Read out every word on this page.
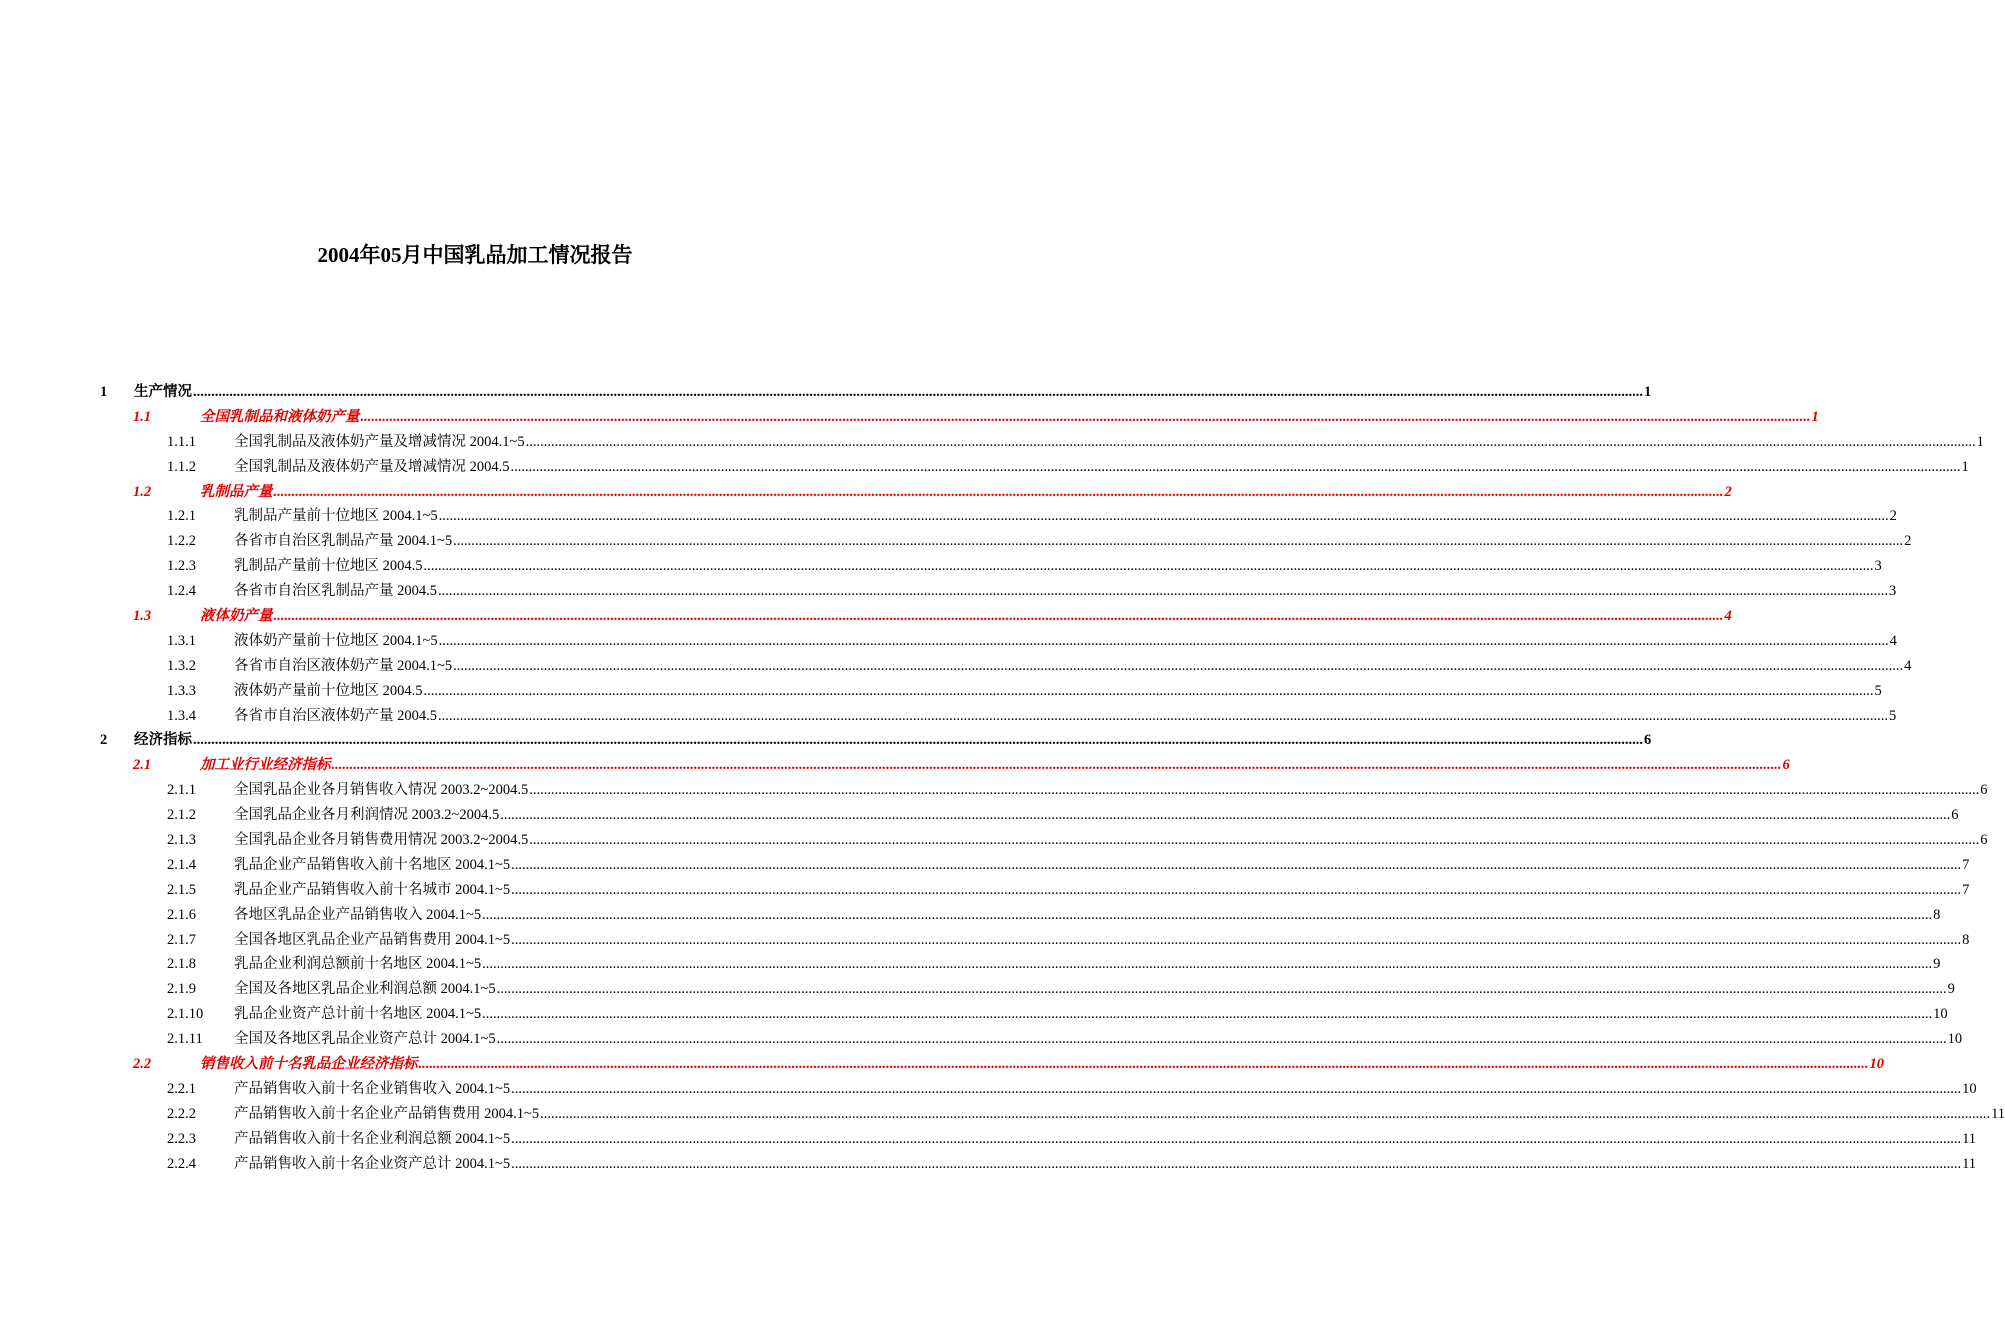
2004年05月中国乳品加工情况报告
1	生产情况 ................................................................................................................................................................................................................................................................................................................................................................................................................ 1
1.1	全国乳制品和液体奶产量 ................................................................................................................................................................................................................................................................................................................................................................................................................ 1
1.1.1	全国乳制品及液体奶产量及增减情况 2004.1~5 ................................................................................................................................................................................................................................................................................................................................................................................................................ 1
1.1.2	全国乳制品及液体奶产量及增减情况 2004.5 ................................................................................................................................................................................................................................................................................................................................................................................................................ 1
1.2	乳制品产量 ................................................................................................................................................................................................................................................................................................................................................................................................................ 2
1.2.1	乳制品产量前十位地区 2004.1~5 ................................................................................................................................................................................................................................................................................................................................................................................................................ 2
1.2.2	各省市自治区乳制品产量 2004.1~5 ................................................................................................................................................................................................................................................................................................................................................................................................................ 2
1.2.3	乳制品产量前十位地区 2004.5 ................................................................................................................................................................................................................................................................................................................................................................................................................ 3
1.2.4	各省市自治区乳制品产量 2004.5 ................................................................................................................................................................................................................................................................................................................................................................................................................ 3
1.3	液体奶产量 ................................................................................................................................................................................................................................................................................................................................................................................................................ 4
1.3.1	液体奶产量前十位地区 2004.1~5 ................................................................................................................................................................................................................................................................................................................................................................................................................ 4
1.3.2	各省市自治区液体奶产量 2004.1~5 ................................................................................................................................................................................................................................................................................................................................................................................................................ 4
1.3.3	液体奶产量前十位地区 2004.5 ................................................................................................................................................................................................................................................................................................................................................................................................................ 5
1.3.4	各省市自治区液体奶产量 2004.5 ................................................................................................................................................................................................................................................................................................................................................................................................................ 5
2	经济指标 ................................................................................................................................................................................................................................................................................................................................................................................................................ 6
2.1	加工业行业经济指标 ................................................................................................................................................................................................................................................................................................................................................................................................................ 6
2.1.1	全国乳品企业各月销售收入情况 2003.2~2004.5 ................................................................................................................................................................................................................................................................................................................................................................................................................ 6
2.1.2	全国乳品企业各月利润情况 2003.2~2004.5 ................................................................................................................................................................................................................................................................................................................................................................................................................ 6
2.1.3	全国乳品企业各月销售费用情况 2003.2~2004.5 ................................................................................................................................................................................................................................................................................................................................................................................................................ 6
2.1.4	乳品企业产品销售收入前十名地区 2004.1~5 ................................................................................................................................................................................................................................................................................................................................................................................................................ 7
2.1.5	乳品企业产品销售收入前十名城市 2004.1~5 ................................................................................................................................................................................................................................................................................................................................................................................................................ 7
2.1.6	各地区乳品企业产品销售收入 2004.1~5 ................................................................................................................................................................................................................................................................................................................................................................................................................ 8
2.1.7	全国各地区乳品企业产品销售费用 2004.1~5 ................................................................................................................................................................................................................................................................................................................................................................................................................ 8
2.1.8	乳品企业利润总额前十名地区 2004.1~5 ................................................................................................................................................................................................................................................................................................................................................................................................................ 9
2.1.9	全国及各地区乳品企业利润总额 2004.1~5 ................................................................................................................................................................................................................................................................................................................................................................................................................ 9
2.1.10	乳品企业资产总计前十名地区 2004.1~5 ................................................................................................................................................................................................................................................................................................................................................................................................................ 10
2.1.11	全国及各地区乳品企业资产总计 2004.1~5 ................................................................................................................................................................................................................................................................................................................................................................................................................ 10
2.2	销售收入前十名乳品企业经济指标 ................................................................................................................................................................................................................................................................................................................................................................................................................ 10
2.2.1	产品销售收入前十名企业销售收入 2004.1~5 ................................................................................................................................................................................................................................................................................................................................................................................................................ 10
2.2.2	产品销售收入前十名企业产品销售费用 2004.1~5 ................................................................................................................................................................................................................................................................................................................................................................................................................ 11
2.2.3	产品销售收入前十名企业利润总额 2004.1~5 ................................................................................................................................................................................................................................................................................................................................................................................................................ 11
2.2.4	产品销售收入前十名企业资产总计 2004.1~5 ................................................................................................................................................................................................................................................................................................................................................................................................................ 11
